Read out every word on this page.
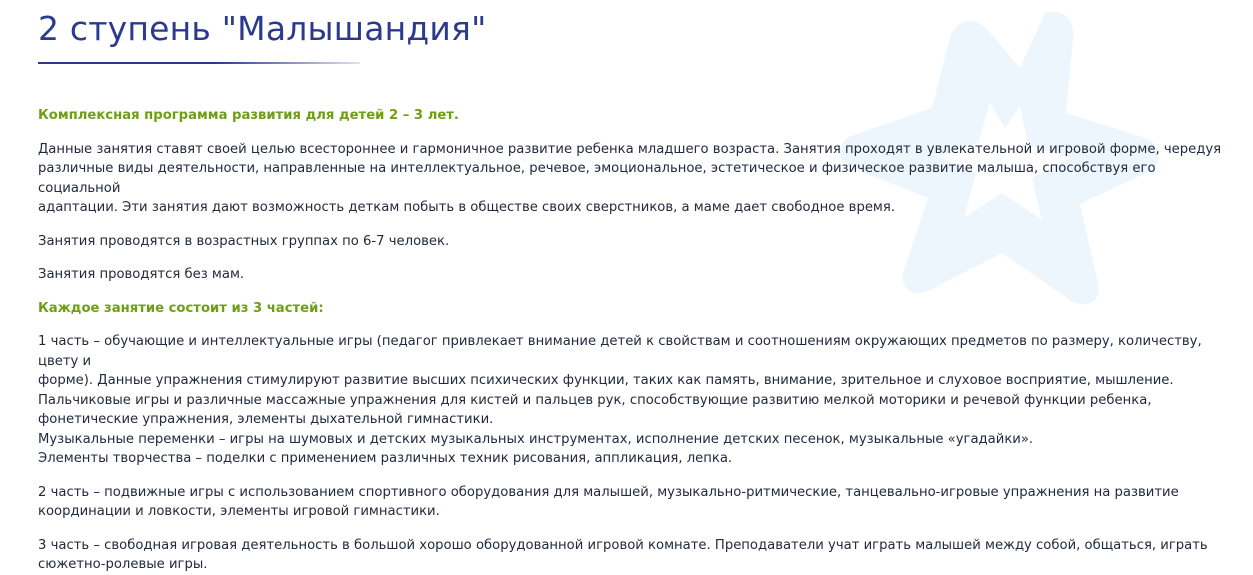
2 ступень "Малышандия"
Комплексная программа развития для детей 2 – 3 лет.

Данные занятия ставят своей целью всестороннее и гармоничное развитие ребенка младшего возраста. Занятия проходят в увлекательной и игровой форме, чередуя
различные виды деятельности, направленные на интеллектуальное, речевое, эмоциональное, эстетическое и физическое развитие малыша, способствуя его социальной
адаптации. Эти занятия дают возможность деткам побыть в обществе своих сверстников, а маме дает свободное время.

Занятия проводятся в возрастных группах по 6-7 человек.

Занятия проводятся без мам.

Каждое занятие состоит из 3 частей:

1 часть – обучающие и интеллектуальные игры (педагог привлекает внимание детей к свойствам и соотношениям окружающих предметов по размеру, количеству, цвету и
форме). Данные упражнения стимулируют развитие высших психических функции, таких как память, внимание, зрительное и слуховое восприятие, мышление.
Пальчиковые игры и различные массажные упражнения для кистей и пальцев рук, способствующие развитию мелкой моторики и речевой функции ребенка,
фонетические упражнения, элементы дыхательной гимнастики.
Музыкальные переменки – игры на шумовых и детских музыкальных инструментах, исполнение детских песенок, музыкальные «угадайки».
Элементы творчества – поделки с применением различных техник рисования, аппликация, лепка.

2 часть – подвижные игры с использованием спортивного оборудования для малышей, музыкально-ритмические, танцевально-игровые упражнения на развитие
координации и ловкости, элементы игровой гимнастики.

3 часть – свободная игровая деятельность в большой хорошо оборудованной игровой комнате. Преподаватели учат играть малышей между собой, общаться, играть
сюжетно-ролевые игры.
